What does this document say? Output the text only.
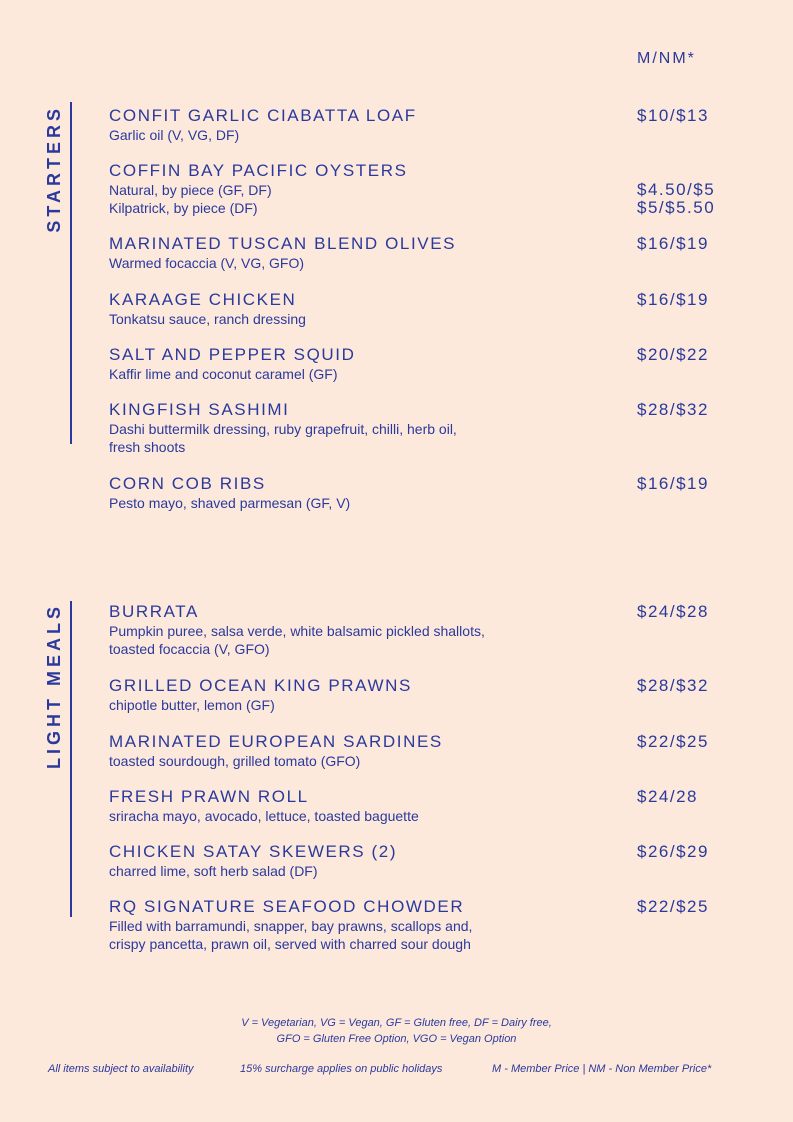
M/NM*
STARTERS	CONFIT GARLIC CIABATTA LOAF
Garlic oil (V, VG, DF)
$10/$13
COFFIN BAY PACIFIC OYSTERS
Natural, by piece (GF, DF)	$4.50/$5
Kilpatrick, by piece (DF)	$5/$5.50
MARINATED TUSCAN BLEND OLIVES
Warmed focaccia (V, VG, GFO)
$16/$19
KARAAGE CHICKEN
Tonkatsu sauce, ranch dressing
$16/$19
SALT AND PEPPER SQUID
Kaffir lime and coconut caramel (GF)
$20/$22
KINGFISH SASHIMI
Dashi buttermilk dressing, ruby grapefruit, chilli, herb oil,
fresh shoots
$28/$32
CORN COB RIBS
Pesto mayo, shaved parmesan (GF, V)
$16/$19
LIGHT MEALS	BURRATA
Pumpkin puree, salsa verde, white balsamic pickled shallots,
toasted focaccia (V, GFO)
$24/$28
GRILLED OCEAN KING PRAWNS
chipotle butter, lemon (GF)
$28/$32
MARINATED EUROPEAN SARDINES
toasted sourdough, grilled tomato (GFO)
$22/$25
FRESH PRAWN ROLL
sriracha mayo, avocado, lettuce, toasted baguette
$24/28
CHICKEN SATAY SKEWERS (2)
charred lime, soft herb salad (DF)
$26/$29
RQ SIGNATURE SEAFOOD CHOWDER
Filled with barramundi, snapper, bay prawns, scallops and,
crispy pancetta, prawn oil, served with charred sour dough
$22/$25
V = Vegetarian, VG = Vegan, GF = Gluten free, DF = Dairy free,
GFO = Gluten Free Option, VGO = Vegan Option
All items subject to availability	15% surcharge applies on public holidays	M - Member Price | NM - Non Member Price*
